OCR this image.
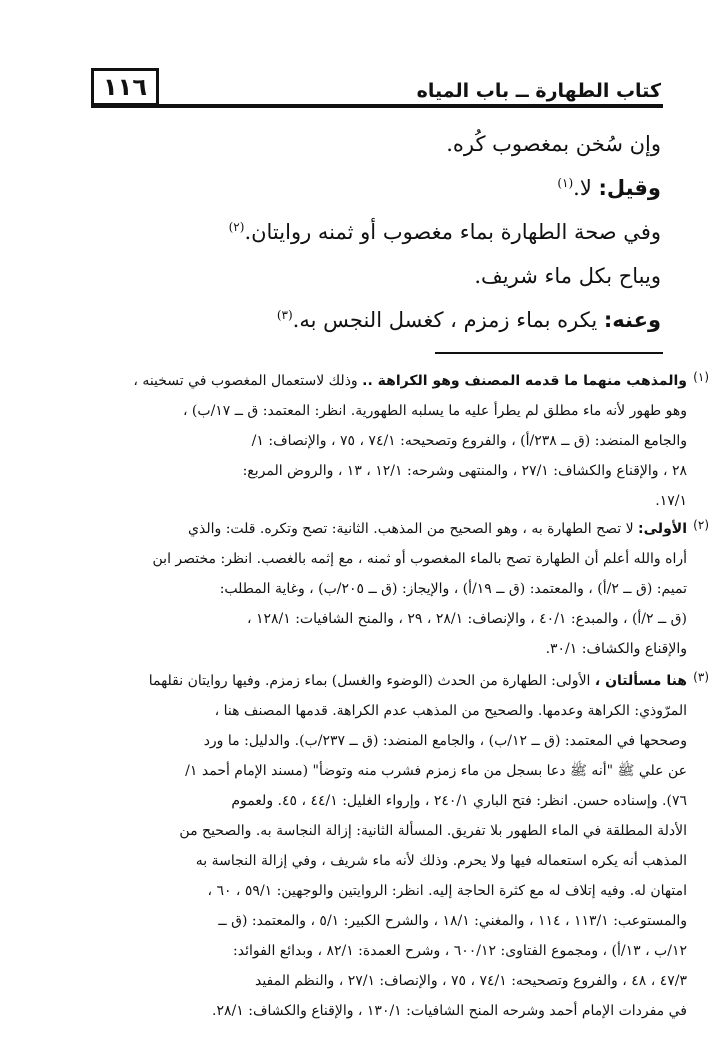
١١٦	كتاب الطهارة ــ باب المياه
وإن سُخن بمغصوب كُره.
وقيل: لا.$^{(١)}$
وفي صحة الطهارة بماء مغصوب أو ثمنه روايتان.$^{(٢)}$
ويباح بكل ماء شريف.
وعنه: يكره بماء زمزم ، كغسل النجس به.$^{(٣)}$
(١)
والمذهب منهما ما قدمه المصنف وهو الكراهة .. وذلك لاستعمال المغصوب في تسخينه ،
وهو طهور لأنه ماء مطلق لم يطرأ عليه ما يسلبه الطهورية. انظر: المعتمد: ق ــ ١٧/ب) ،
والجامع المنضد: (ق ــ ٢٣٨/أ) ، والفروع وتصحيحه: ٧٤/١ ، ٧٥ ، والإنصاف: ١/
٢٨ ، والإقناع والكشاف: ٢٧/١ ، والمنتهى وشرحه: ١٢/١ ، ١٣ ، والروض المربع:
١٧/١.
(٢)
الأولى: لا تصح الطهارة به ، وهو الصحيح من المذهب. الثانية: تصح وتكره. قلت: والذي
أراه والله أعلم أن الطهارة تصح بالماء المغصوب أو ثمنه ، مع إثمه بالغصب. انظر: مختصر ابن
تميم: (ق ــ ٢/أ) ، والمعتمد: (ق ــ ١٩/أ) ، والإيجاز: (ق ــ ٢٠٥/ب) ، وغاية المطلب:
(ق ــ ٢/أ) ، والمبدع: ٤٠/١ ، والإنصاف: ٢٨/١ ، ٢٩ ، والمنح الشافيات: ١٢٨/١ ،
والإقناع والكشاف: ٣٠/١.
(٣)
هنا مسألتان ، الأولى: الطهارة من الحدث (الوضوء والغسل) بماء زمزم. وفيها روايتان نقلهما
المرّوذي: الكراهة وعدمها. والصحيح من المذهب عدم الكراهة. قدمها المصنف هنا ،
وصححها في المعتمد: (ق ــ ١٢/ب) ، والجامع المنضد: (ق ــ ٢٣٧/ب). والدليل: ما ورد
عن علي ﷺ "أنه ﷺ دعا بسجل من ماء زمزم فشرب منه وتوضأ" (مسند الإمام أحمد ١/
٧٦). وإسناده حسن. انظر: فتح الباري ٢٤٠/١ ، وإرواء الغليل: ٤٤/١ ، ٤٥. ولعموم
الأدلة المطلقة في الماء الطهور بلا تفريق. المسألة الثانية: إزالة النجاسة به. والصحيح من
المذهب أنه يكره استعماله فيها ولا يحرم. وذلك لأنه ماء شريف ، وفي إزالة النجاسة به
امتهان له. وفيه إتلاف له مع كثرة الحاجة إليه. انظر: الروايتين والوجهين: ٥٩/١ ، ٦٠ ،
والمستوعب: ١١٣/١ ، ١١٤ ، والمغني: ١٨/١ ، والشرح الكبير: ٥/١ ، والمعتمد: (ق ــ
١٢/ب ، ١٣/أ) ، ومجموع الفتاوى: ٦٠٠/١٢ ، وشرح العمدة: ٨٢/١ ، وبدائع الفوائد:
٤٧/٣ ، ٤٨ ، والفروع وتصحيحه: ٧٤/١ ، ٧٥ ، والإنصاف: ٢٧/١ ، والنظم المفيد
في مفردات الإمام أحمد وشرحه المنح الشافيات: ١٣٠/١ ، والإقناع والكشاف: ٢٨/١.
